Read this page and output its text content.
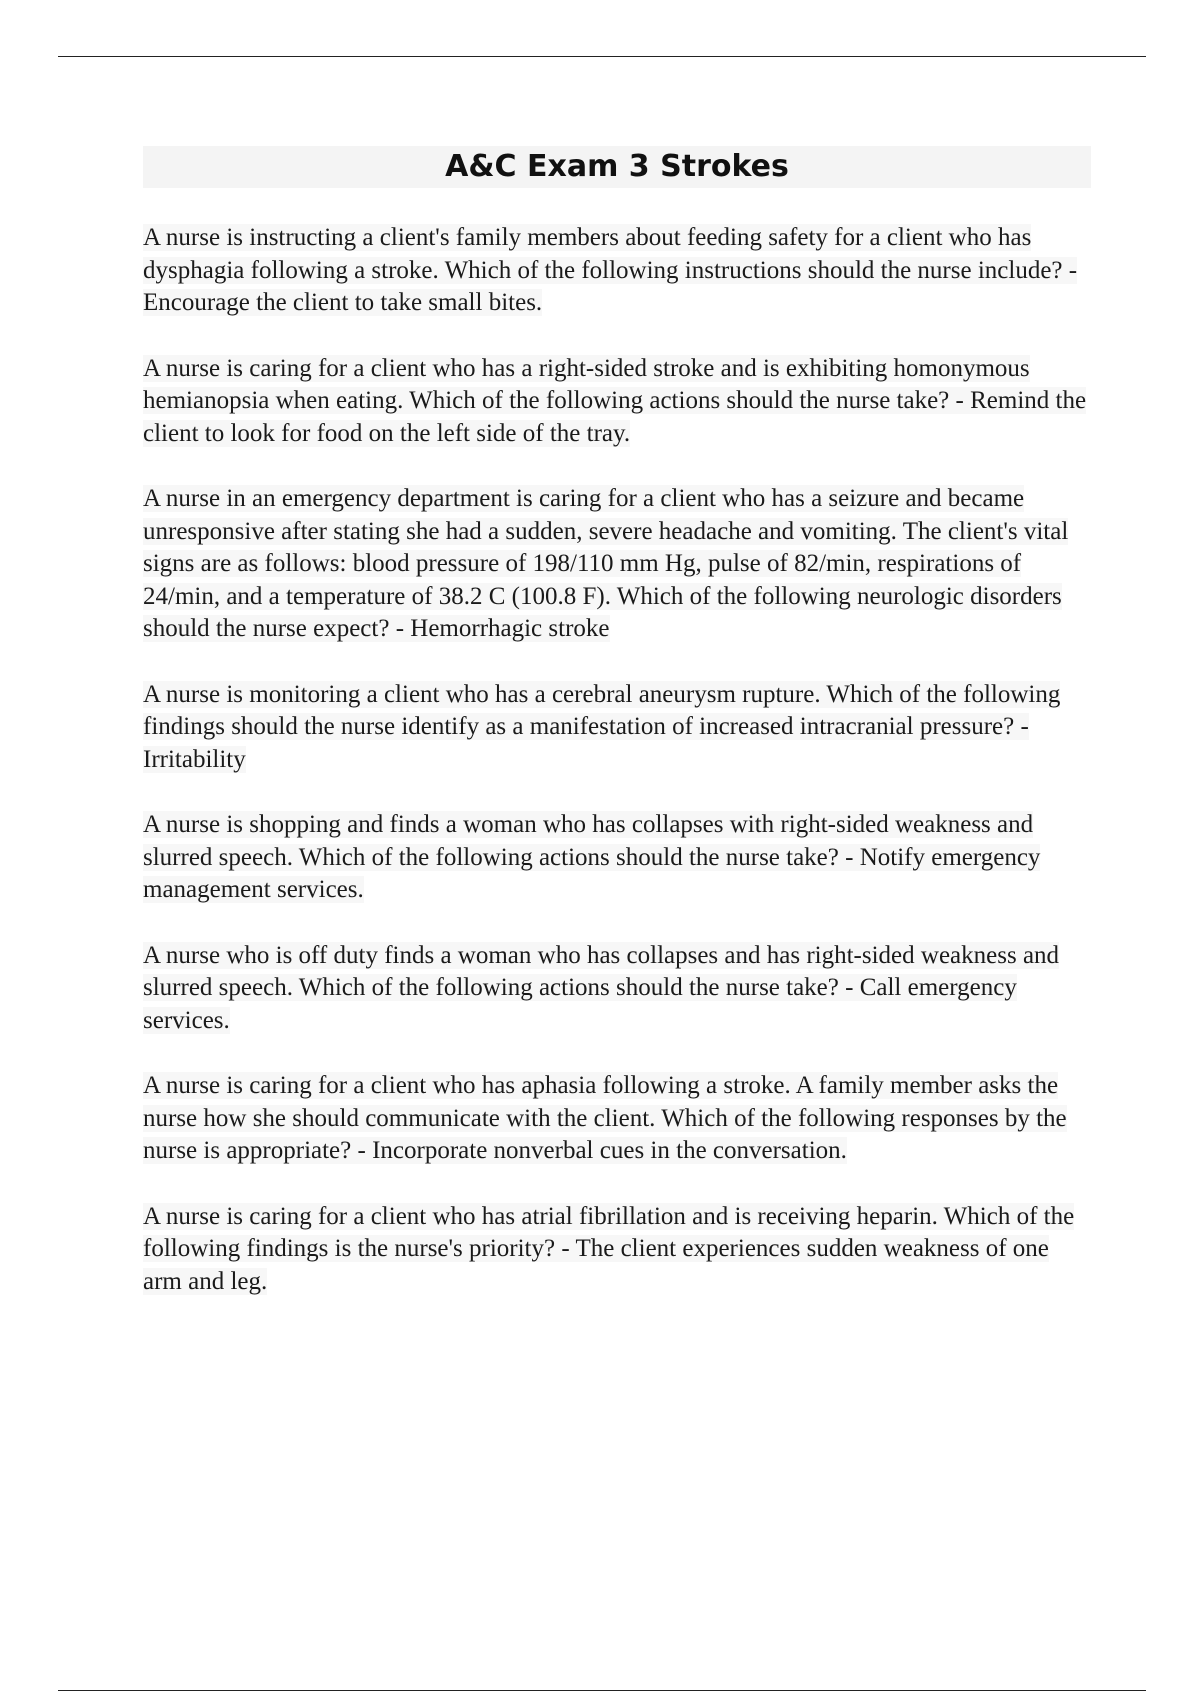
A&C Exam 3 Strokes

A nurse is instructing a client's family members about feeding safety for a client who has dysphagia following a stroke. Which of the following instructions should the nurse include? - Encourage the client to take small bites.

A nurse is caring for a client who has a right-sided stroke and is exhibiting homonymous hemianopsia when eating. Which of the following actions should the nurse take? - Remind the client to look for food on the left side of the tray.

A nurse in an emergency department is caring for a client who has a seizure and became unresponsive after stating she had a sudden, severe headache and vomiting. The client's vital signs are as follows: blood pressure of 198/110 mm Hg, pulse of 82/min, respirations of 24/min, and a temperature of 38.2 C (100.8 F). Which of the following neurologic disorders should the nurse expect? - Hemorrhagic stroke

A nurse is monitoring a client who has a cerebral aneurysm rupture. Which of the following findings should the nurse identify as a manifestation of increased intracranial pressure? - Irritability

A nurse is shopping and finds a woman who has collapses with right-sided weakness and slurred speech. Which of the following actions should the nurse take? - Notify emergency management services.

A nurse who is off duty finds a woman who has collapses and has right-sided weakness and slurred speech. Which of the following actions should the nurse take? - Call emergency services.

A nurse is caring for a client who has aphasia following a stroke. A family member asks the nurse how she should communicate with the client. Which of the following responses by the nurse is appropriate? - Incorporate nonverbal cues in the conversation.

A nurse is caring for a client who has atrial fibrillation and is receiving heparin. Which of the following findings is the nurse's priority? - The client experiences sudden weakness of one arm and leg.
